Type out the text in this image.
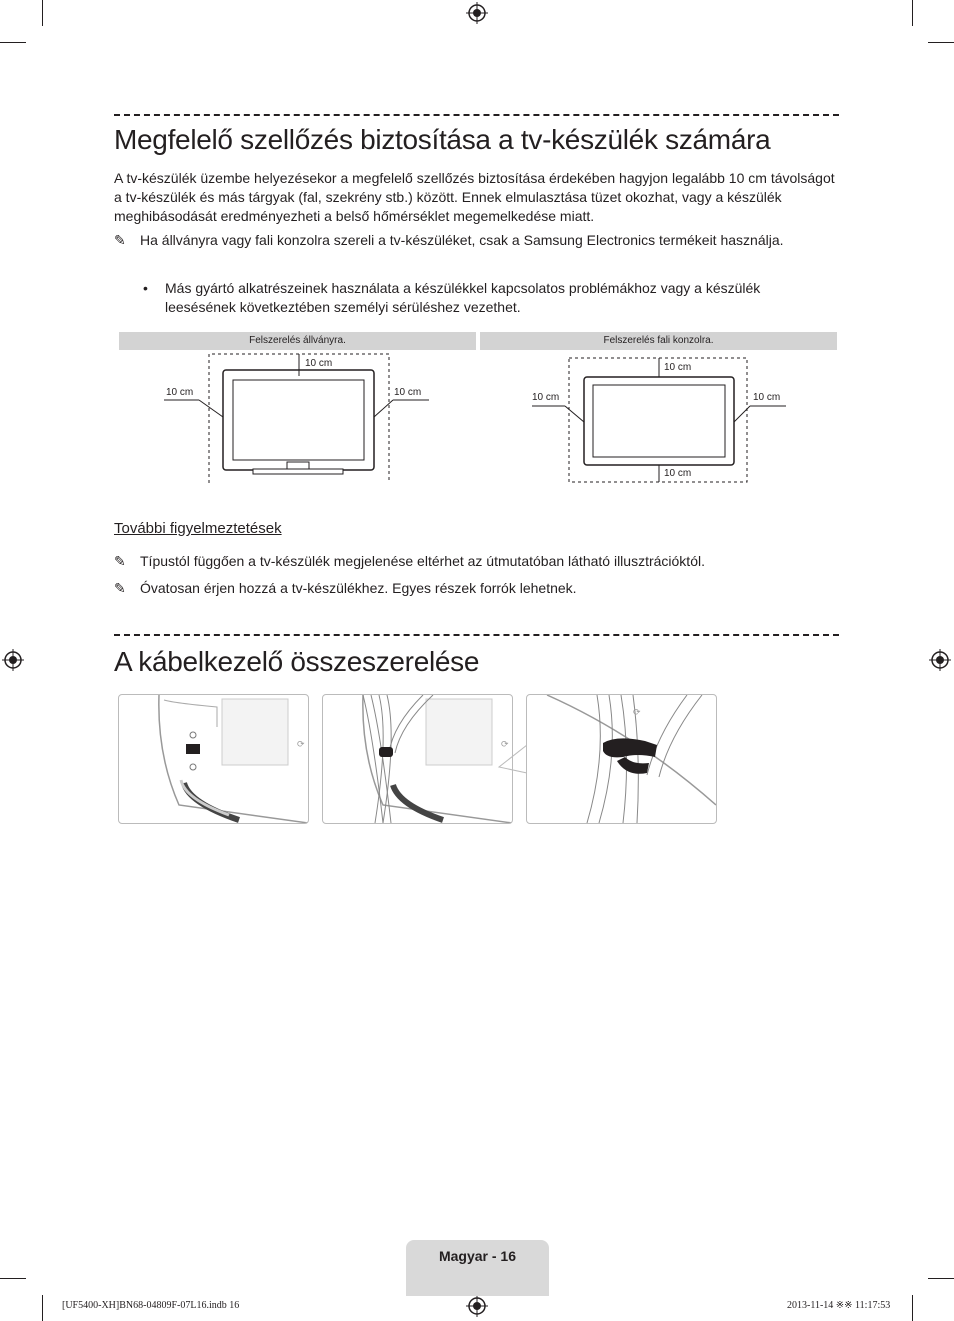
Megfelelő szellőzés biztosítása a tv-készülék számára

A tv-készülék üzembe helyezésekor a megfelelő szellőzés biztosítása érdekében hagyjon legalább 10 cm távolságot a tv-készülék és más tárgyak (fal, szekrény stb.) között. Ennek elmulasztása tüzet okozhat, vagy a készülék meghibásodását eredményezheti a belső hőmérséklet megemelkedése miatt.

✎	Ha állványra vagy fali konzolra szereli a tv-készüléket, csak a Samsung Electronics termékeit használja.
• Más gyártó alkatrészeinek használata a készülékkel kapcsolatos problémákhoz vagy a készülék leesésének következtében személyi sérüléshez vezethet.
Felszerelés állványra.	Felszerelés fali konzolra.
10 cm
10 cm	10 cm
10 cm
10 cm	10 cm
10 cm
További figyelmeztetések
✎	Típustól függően a tv-készülék megjelenése eltérhet az útmutatóban látható illusztrációktól.
✎	Óvatosan érjen hozzá a tv-készülékhez. Egyes részek forrók lehetnek.
A kábelkezelő összeszerelése
⟳	⟳
⟳
Magyar - 16
[UF5400-XH]BN68-04809F-07L16.indb 16	2013-11-14 ※※ 11:17:53
